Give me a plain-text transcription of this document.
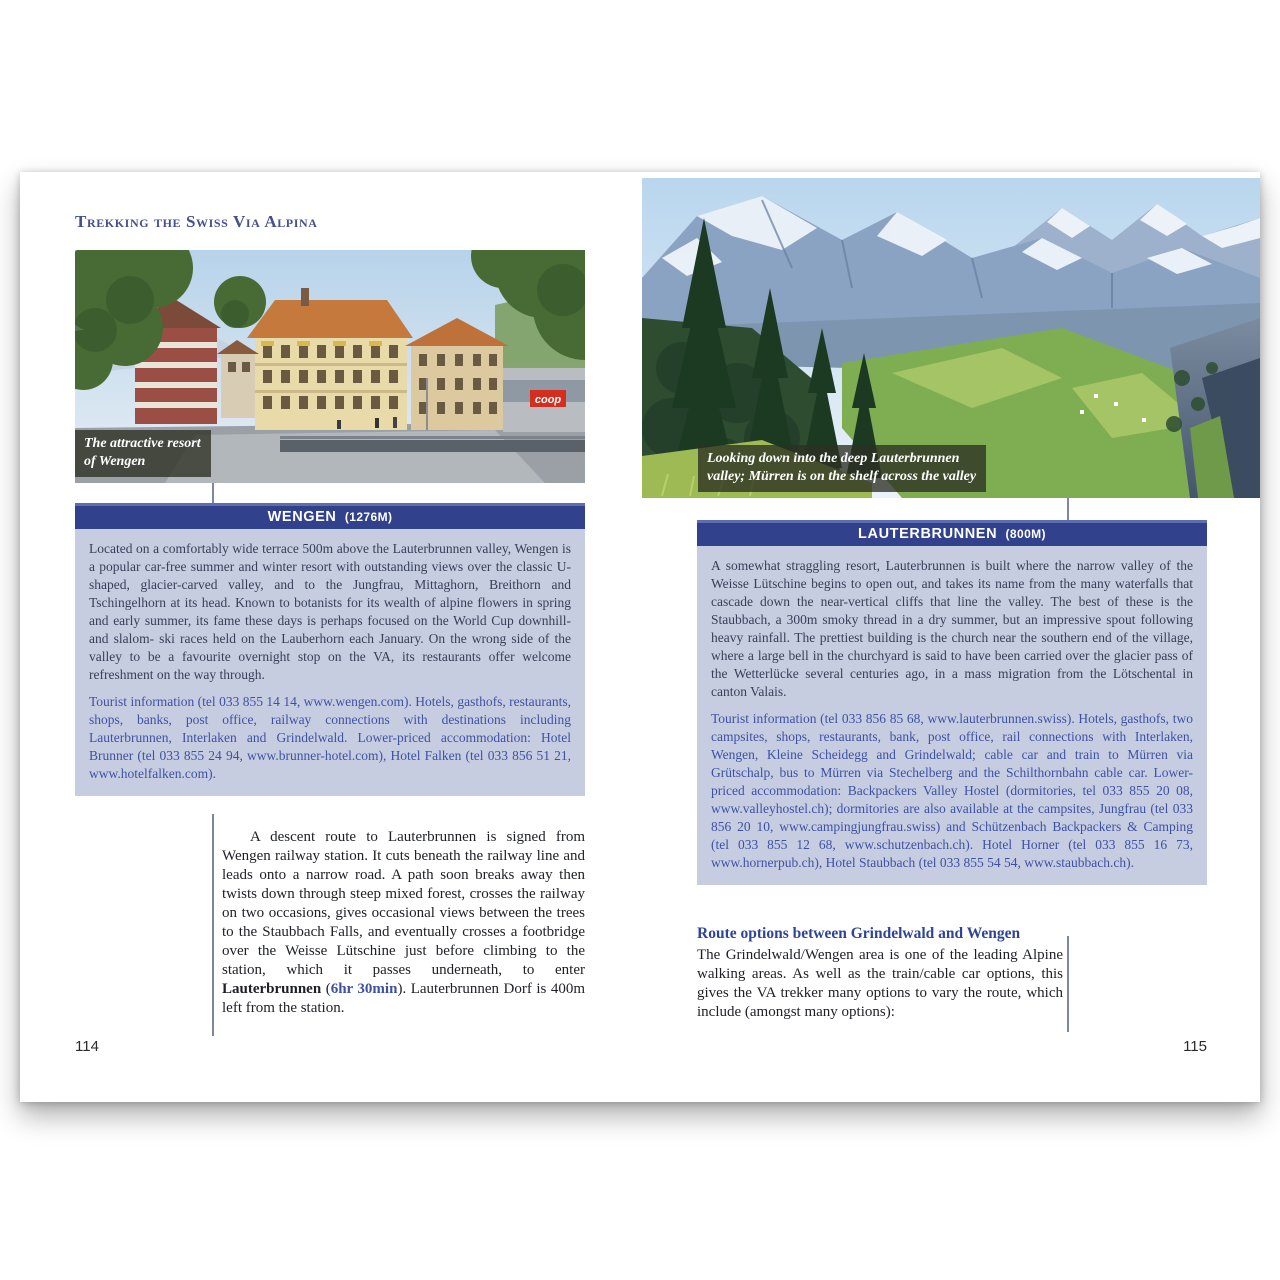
Trekking the Swiss Via Alpina
coop
The attractive resort
of Wengen
WENGEN (1276M)

Located on a comfortably wide terrace 500m above the Lauterbrunnen valley, Wengen is a popular car-free summer and winter resort with outstanding views over the classic U-shaped, glacier-carved valley, and to the Jungfrau, Mittaghorn, Breithorn and Tschingelhorn at its head. Known to botanists for its wealth of alpine flowers in spring and early summer, its fame these days is perhaps focused on the World Cup downhill- and slalom- ski races held on the Lauberhorn each January. On the wrong side of the valley to be a favourite overnight stop on the VA, its restaurants offer welcome refreshment on the way through.

Tourist information (tel 033 855 14 14, www.wengen.com). Hotels, gasthofs, restaurants, shops, banks, post office, railway connections with destinations including Lauterbrunnen, Interlaken and Grindelwald. Lower-priced accommodation: Hotel Brunner (tel 033 855 24 94, www.brunner-hotel.com), Hotel Falken (tel 033 856 51 21, www.hotelfalken.com).

A descent route to Lauterbrunnen is signed from Wengen railway station. It cuts beneath the railway line and leads onto a narrow road. A path soon breaks away then twists down through steep mixed forest, crosses the railway on two occasions, gives occasional views between the trees to the Staubbach Falls, and eventually crosses a footbridge over the Weisse Lütschine just before climbing to the station, which it passes underneath, to enter Lauterbrunnen (6hr 30min). Lauterbrunnen Dorf is 400m left from the station.
114
Looking down into the deep Lauterbrunnen
valley; Mürren is on the shelf across the valley
LAUTERBRUNNEN (800M)

A somewhat straggling resort, Lauterbrunnen is built where the narrow valley of the Weisse Lütschine begins to open out, and takes its name from the many waterfalls that cascade down the near-vertical cliffs that line the valley. The best of these is the Staubbach, a 300m smoky thread in a dry summer, but an impressive spout following heavy rainfall. The prettiest building is the church near the southern end of the village, where a large bell in the churchyard is said to have been carried over the glacier pass of the Wetterlücke several centuries ago, in a mass migration from the Lötschental in canton Valais.

Tourist information (tel 033 856 85 68, www.lauterbrunnen.swiss). Hotels, gasthofs, two campsites, shops, restaurants, bank, post office, rail connections with Interlaken, Wengen, Kleine Scheidegg and Grindelwald; cable car and train to Mürren via Grütschalp, bus to Mürren via Stechelberg and the Schilthornbahn cable car. Lower-priced accommodation: Backpackers Valley Hostel (dormitories, tel 033 855 20 08, www.valleyhostel.ch); dormitories are also available at the campsites, Jungfrau (tel 033 856 20 10, www.campingjungfrau.swiss) and Schützenbach Backpackers & Camping (tel 033 855 12 68, www.schutzenbach.ch). Hotel Horner (tel 033 855 16 73, www.hornerpub.ch), Hotel Staubbach (tel 033 855 54 54, www.staubbach.ch).

Route options between Grindelwald and Wengen

The Grindelwald/Wengen area is one of the leading Alpine walking areas. As well as the train/cable car options, this gives the VA trekker many options to vary the route, which include (amongst many options):
115
